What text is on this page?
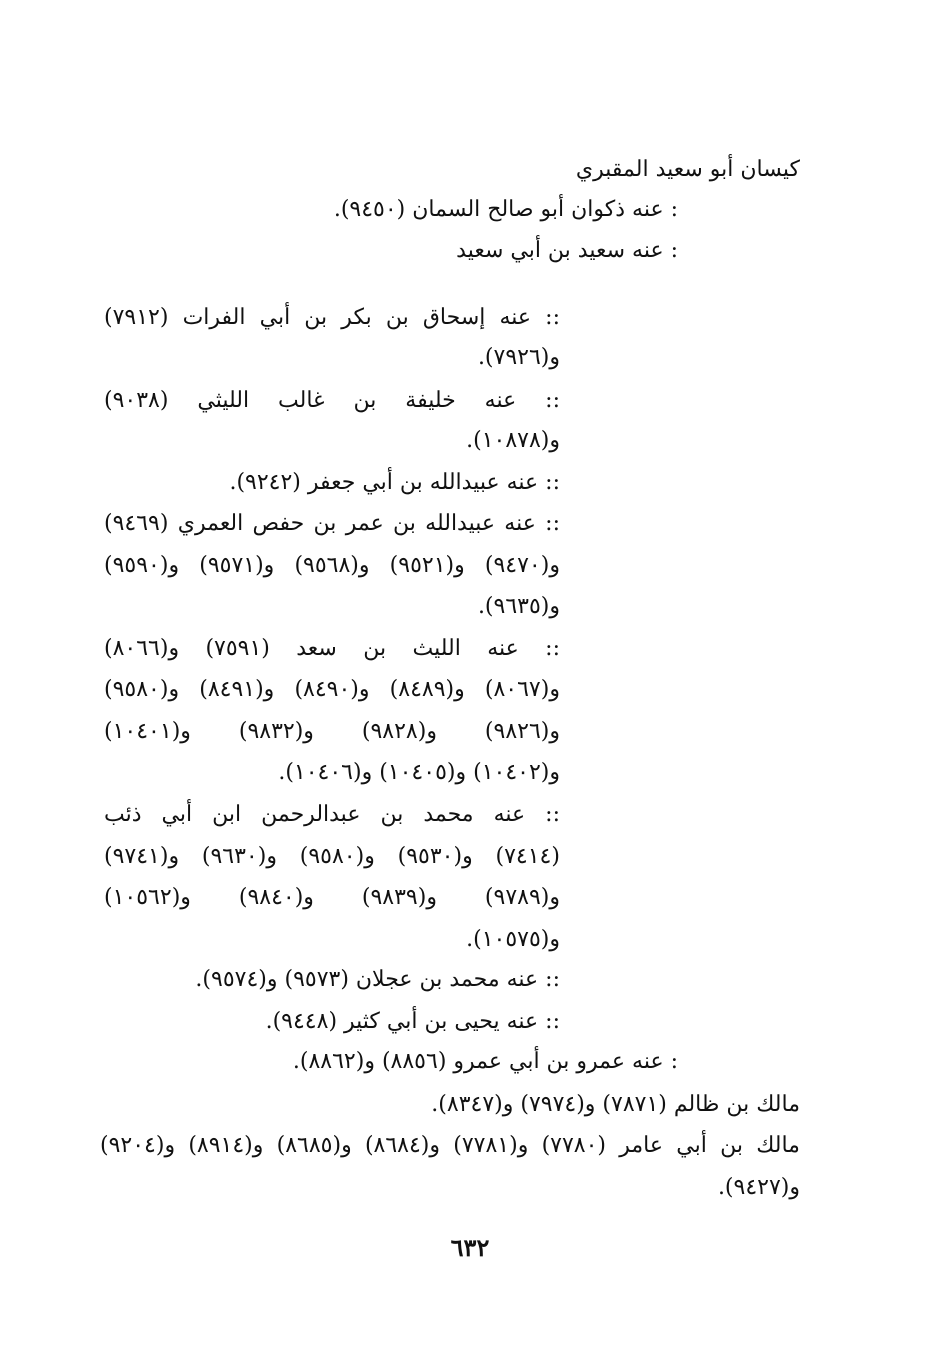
كيسان أبو سعيد المقبري
: عنه ذكوان أبو صالح السمان (٩٤٥٠).
: عنه سعيد بن أبي سعيد
:: عنه إسحاق بن بكر بن أبي الفرات (٧٩١٢)
و(٧٩٢٦).
:: عنه خليفة بن غالب الليثي (٩٠٣٨)
و(١٠٨٧٨).
:: عنه عبيدالله بن أبي جعفر (٩٢٤٢).
:: عنه عبيدالله بن عمر بن حفص العمري (٩٤٦٩)
و(٩٤٧٠) و(٩٥٢١) و(٩٥٦٨) و(٩٥٧١) و(٩٥٩٠)
و(٩٦٣٥).
:: عنه الليث بن سعد (٧٥٩١) و(٨٠٦٦)
و(٨٠٦٧) و(٨٤٨٩) و(٨٤٩٠) و(٨٤٩١) و(٩٥٨٠)
و(٩٨٢٦) و(٩٨٢٨) و(٩٨٣٢) و(١٠٤٠١)
و(١٠٤٠٢) و(١٠٤٠٥) و(١٠٤٠٦).
:: عنه محمد بن عبدالرحمن ابن أبي ذئب
(٧٤١٤) و(٩٥٣٠) و(٩٥٨٠) و(٩٦٣٠) و(٩٧٤١)
و(٩٧٨٩) و(٩٨٣٩) و(٩٨٤٠) و(١٠٥٦٢)
و(١٠٥٧٥).
:: عنه محمد بن عجلان (٩٥٧٣) و(٩٥٧٤).
:: عنه يحيى بن أبي كثير (٩٤٤٨).
: عنه عمرو بن أبي عمرو (٨٨٥٦) و(٨٨٦٢).
مالك بن ظالم (٧٨٧١) و(٧٩٧٤) و(٨٣٤٧).
مالك بن أبي عامر (٧٧٨٠) و(٧٧٨١) و(٨٦٨٤) و(٨٦٨٥) و(٨٩١٤) و(٩٢٠٤)
و(٩٤٢٧).
٦٣٢
